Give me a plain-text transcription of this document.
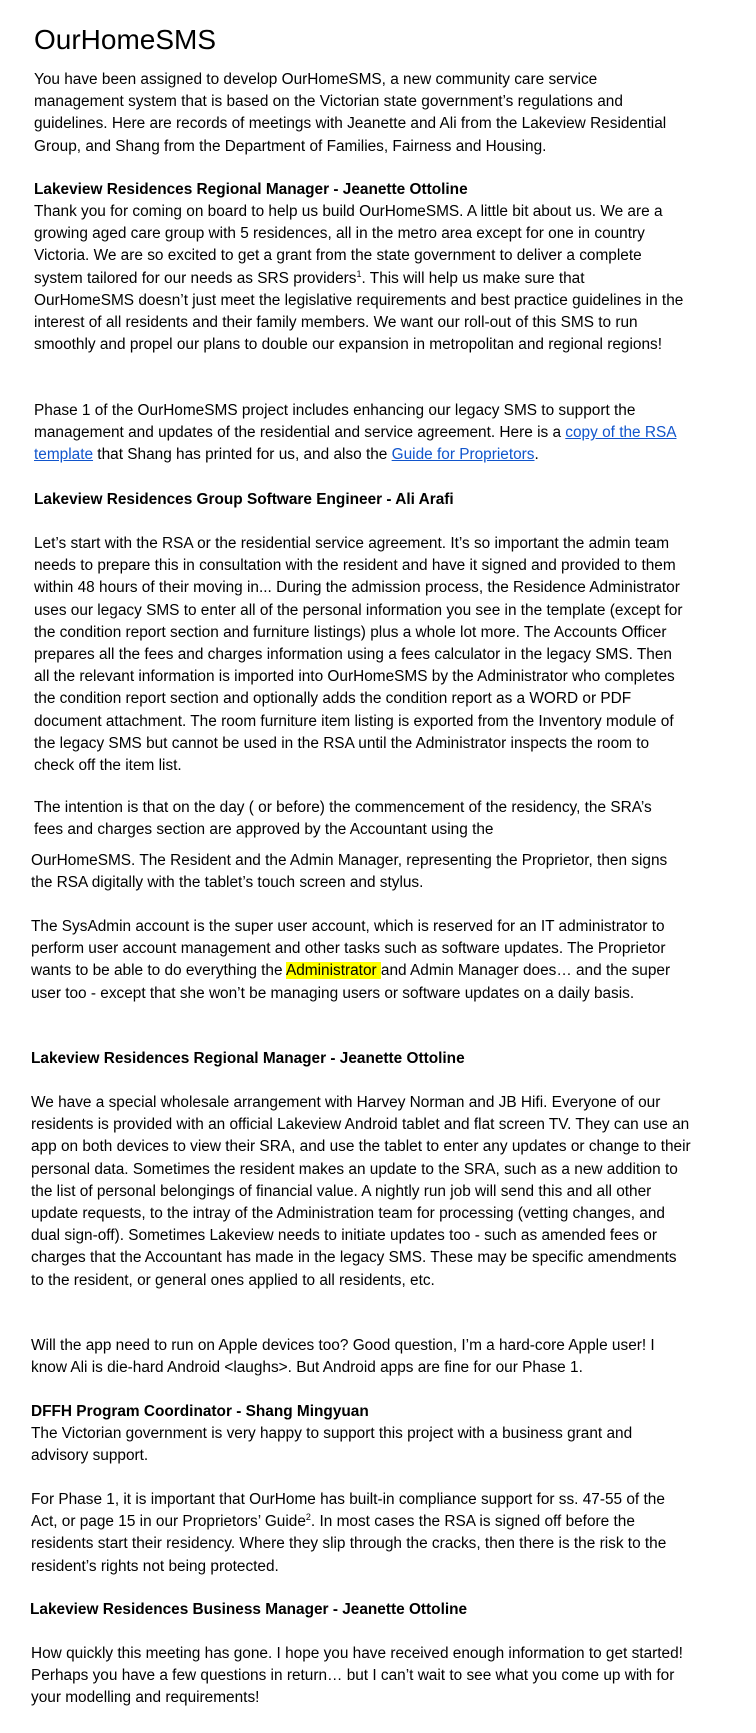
OurHomeSMS

You have been assigned to develop OurHomeSMS, a new community care service management system that is based on the Victorian state government’s regulations and guidelines. Here are records of meetings with Jeanette and Ali from the Lakeview Residential Group, and Shang from the Department of Families, Fairness and Housing.

Lakeview Residences Regional Manager - Jeanette Ottoline

Thank you for coming on board to help us build OurHomeSMS. A little bit about us. We are a growing aged care group with 5 residences, all in the metro area except for one in country Victoria. We are so excited to get a grant from the state government to deliver a complete system tailored for our needs as SRS providers$^1$. This will help us make sure that OurHomeSMS doesn’t just meet the legislative requirements and best practice guidelines in the interest of all residents and their family members. We want our roll-out of this SMS to run smoothly and propel our plans to double our expansion in metropolitan and regional regions!

Phase 1 of the OurHomeSMS project includes enhancing our legacy SMS to support the management and updates of the residential and service agreement. Here is a copy of the RSA template that Shang has printed for us, and also the Guide for Proprietors.

Lakeview Residences Group Software Engineer - Ali Arafi

Let’s start with the RSA or the residential service agreement. It’s so important the admin team needs to prepare this in consultation with the resident and have it signed and provided to them within 48 hours of their moving in... During the admission process, the Residence Administrator uses our legacy SMS to enter all of the personal information you see in the template (except for the condition report section and furniture listings) plus a whole lot more. The Accounts Officer prepares all the fees and charges information using a fees calculator in the legacy SMS. Then all the relevant information is imported into OurHomeSMS by the Administrator who completes the condition report section and optionally adds the condition report as a WORD or PDF document attachment. The room furniture item listing is exported from the Inventory module of the legacy SMS but cannot be used in the RSA until the Administrator inspects the room to check off the item list.

The intention is that on the day ( or before) the commencement of the residency, the SRA’s fees and charges section are approved by the Accountant using the

OurHomeSMS. The Resident and the Admin Manager, representing the Proprietor, then signs the RSA digitally with the tablet’s touch screen and stylus.

The SysAdmin account is the super user account, which is reserved for an IT administrator to perform user account management and other tasks such as software updates. The Proprietor wants to be able to do everything the Administrator and Admin Manager does… and the super user too - except that she won’t be managing users or software updates on a daily basis.

Lakeview Residences Regional Manager - Jeanette Ottoline

We have a special wholesale arrangement with Harvey Norman and JB Hifi. Everyone of our residents is provided with an official Lakeview Android tablet and flat screen TV. They can use an app on both devices to view their SRA, and use the tablet to enter any updates or change to their personal data. Sometimes the resident makes an update to the SRA, such as a new addition to the list of personal belongings of financial value. A nightly run job will send this and all other update requests, to the intray of the Administration team for processing (vetting changes, and dual sign-off). Sometimes Lakeview needs to initiate updates too - such as amended fees or charges that the Accountant has made in the legacy SMS. These may be specific amendments to the resident, or general ones applied to all residents, etc.

Will the app need to run on Apple devices too? Good question, I’m a hard-core Apple user! I know Ali is die-hard Android <laughs>. But Android apps are fine for our Phase 1.

DFFH Program Coordinator - Shang Mingyuan

The Victorian government is very happy to support this project with a business grant and advisory support.

For Phase 1, it is important that OurHome has built-in compliance support for ss. 47-55 of the Act, or page 15 in our Proprietors’ Guide$^2$. In most cases the RSA is signed off before the residents start their residency. Where they slip through the cracks, then there is the risk to the resident’s rights not being protected.

Lakeview Residences Business Manager - Jeanette Ottoline

How quickly this meeting has gone. I hope you have received enough information to get started! Perhaps you have a few questions in return… but I can’t wait to see what you come up with for your modelling and requirements!
